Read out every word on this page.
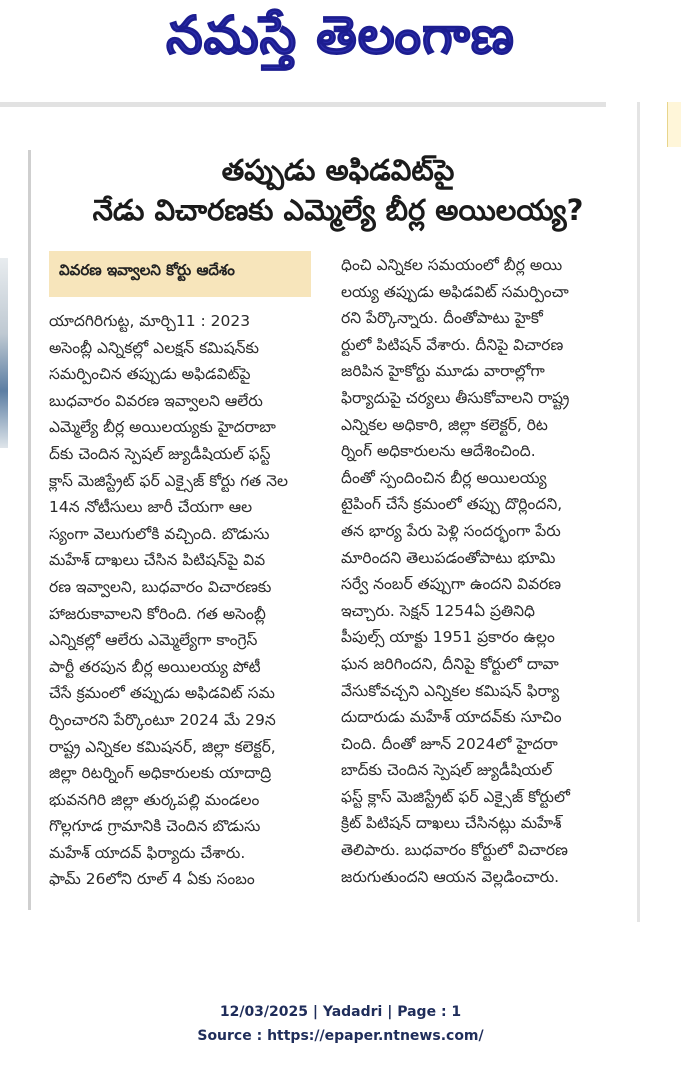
నమస్తే తెలంగాణ
తప్పుడు అఫిడవిట్‌పై
నేడు విచారణకు ఎమ్మెల్యే బీర్ల అయిలయ్య?
వివరణ ఇవ్వాలని కోర్టు ఆదేశం

యాదగిరిగుట్ట, మార్చి11 : 2023

అసెంబ్లీ ఎన్నికల్లో ఎలక్షన్ కమిషన్‌కు

సమర్పించిన తప్పుడు అఫిడవిట్‌పై

బుధవారం వివరణ ఇవ్వాలని ఆలేరు

ఎమ్మెల్యే బీర్ల అయిలయ్యకు హైదరాబా

ద్‌కు చెందిన స్పెషల్ జ్యుడీషియల్ ఫస్ట్

క్లాస్ మెజిస్ట్రేట్ ఫర్ ఎక్సైజ్ కోర్టు గత నెల

14న నోటీసులు జారీ చేయగా ఆల

స్యంగా వెలుగులోకి వచ్చింది. బొడుసు

మహేశ్ దాఖలు చేసిన పిటిషన్‌పై వివ

రణ ఇవ్వాలని, బుధవారం విచారణకు

హాజరుకావాలని కోరింది. గత అసెంబ్లీ

ఎన్నికల్లో ఆలేరు ఎమ్మెల్యేగా కాంగ్రెస్

పార్టీ తరపున బీర్ల అయిలయ్య పోటీ

చేసే క్రమంలో తప్పుడు అఫిడవిట్ సమ

ర్పించారని పేర్కొంటూ 2024 మే 29న

రాష్ట్ర ఎన్నికల కమిషనర్, జిల్లా కలెక్టర్,

జిల్లా రిటర్నింగ్ అధికారులకు యాదాద్రి

భువనగిరి జిల్లా తుర్కపల్లి మండలం

గొల్లగూడ గ్రామానికి చెందిన బొడుసు

మహేశ్ యాదవ్ ఫిర్యాదు చేశారు.

ఫామ్ 26లోని రూల్ 4 ఏకు సంబం

ధించి ఎన్నికల సమయంలో బీర్ల అయి

లయ్య తప్పుడు అఫిడవిట్ సమర్పించా

రని పేర్కొన్నారు. దీంతోపాటు హైకో

ర్టులో పిటిషన్ వేశారు. దీనిపై విచారణ

జరిపిన హైకోర్టు మూడు వారాల్లోగా

ఫిర్యాదుపై చర్యలు తీసుకోవాలని రాష్ట్ర

ఎన్నికల అధికారి, జిల్లా కలెక్టర్, రిట

ర్నింగ్ అధికారులను ఆదేశించింది.

దీంతో స్పందించిన బీర్ల అయిలయ్య

టైపింగ్ చేసే క్రమంలో తప్పు దొర్లిందని,

తన భార్య పేరు పెళ్లి సందర్భంగా పేరు

మారిందని తెలుపడంతోపాటు భూమి

సర్వే నంబర్ తప్పుగా ఉందని వివరణ

ఇచ్చారు. సెక్షన్ 1254ఏ ప్రతినిధి

పీపుల్స్ యాక్టు 1951 ప్రకారం ఉల్లం

ఘన జరిగిందని, దీనిపై కోర్టులో దావా

వేసుకోవచ్చని ఎన్నికల కమిషన్ ఫిర్యా

దుదారుడు మహేశ్ యాదవ్‌కు సూచిం

చింది. దీంతో జూన్ 2024లో హైదరా

బాద్‌కు చెందిన స్పెషల్ జ్యుడీషియల్

ఫస్ట్ క్లాస్ మెజిస్ట్రేట్ ఫర్ ఎక్సైజ్ కోర్టులో

క్రిట్ పిటిషన్ దాఖలు చేసినట్లు మహేశ్

తెలిపారు. బుధవారం కోర్టులో విచారణ

జరుగుతుందని ఆయన వెల్లడించారు.

12/03/2025 | Yadadri | Page : 1
Source : https://epaper.ntnews.com/
